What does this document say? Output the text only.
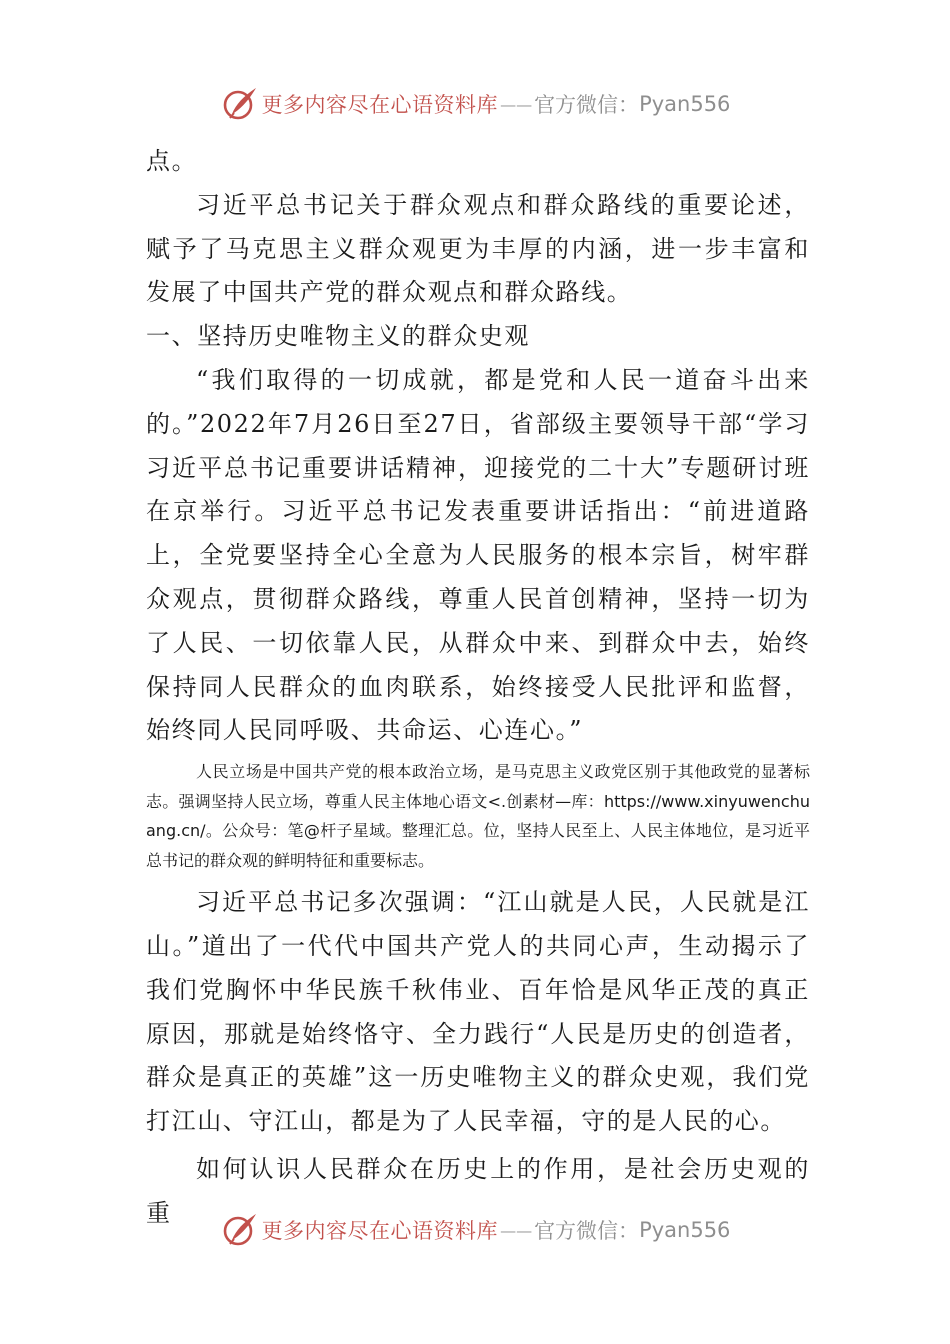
更多内容尽在心语资料库 —— 官方微信： Pyan556

点。

习近平总书记关于群众观点和群众路线的重要论述，赋予了马克思主义群众观更为丰厚的内涵，进一步丰富和发展了中国共产党的群众观点和群众路线。

一、坚持历史唯物主义的群众史观

“我们取得的一切成就，都是党和人民一道奋斗出来的。”2022年7月26日至27日，省部级主要领导干部“学习习近平总书记重要讲话精神，迎接党的二十大”专题研讨班在京举行。习近平总书记发表重要讲话指出：“前进道路上，全党要坚持全心全意为人民服务的根本宗旨，树牢群众观点，贯彻群众路线，尊重人民首创精神，坚持一切为了人民、一切依靠人民，从群众中来、到群众中去，始终保持同人民群众的血肉联系，始终接受人民批评和监督，始终同人民同呼吸、共命运、心连心。”

人民立场是中国共产党的根本政治立场，是马克思主义政党区别于其他政党的显著标志。强调坚持人民立场，尊重人民主体地心语文<.创素材—库：https://www.xinyuwenchuang.cn/。公众号：笔@杆子星域。整理汇总。位，坚持人民至上、人民主体地位，是习近平总书记的群众观的鲜明特征和重要标志。

习近平总书记多次强调：“江山就是人民，人民就是江山。”道出了一代代中国共产党人的共同心声，生动揭示了我们党胸怀中华民族千秋伟业、百年恰是风华正茂的真正原因，那就是始终恪守、全力践行“人民是历史的创造者，群众是真正的英雄”这一历史唯物主义的群众史观，我们党打江山、守江山，都是为了人民幸福，守的是人民的心。

如何认识人民群众在历史上的作用，是社会历史观的重

更多内容尽在心语资料库 —— 官方微信： Pyan556
